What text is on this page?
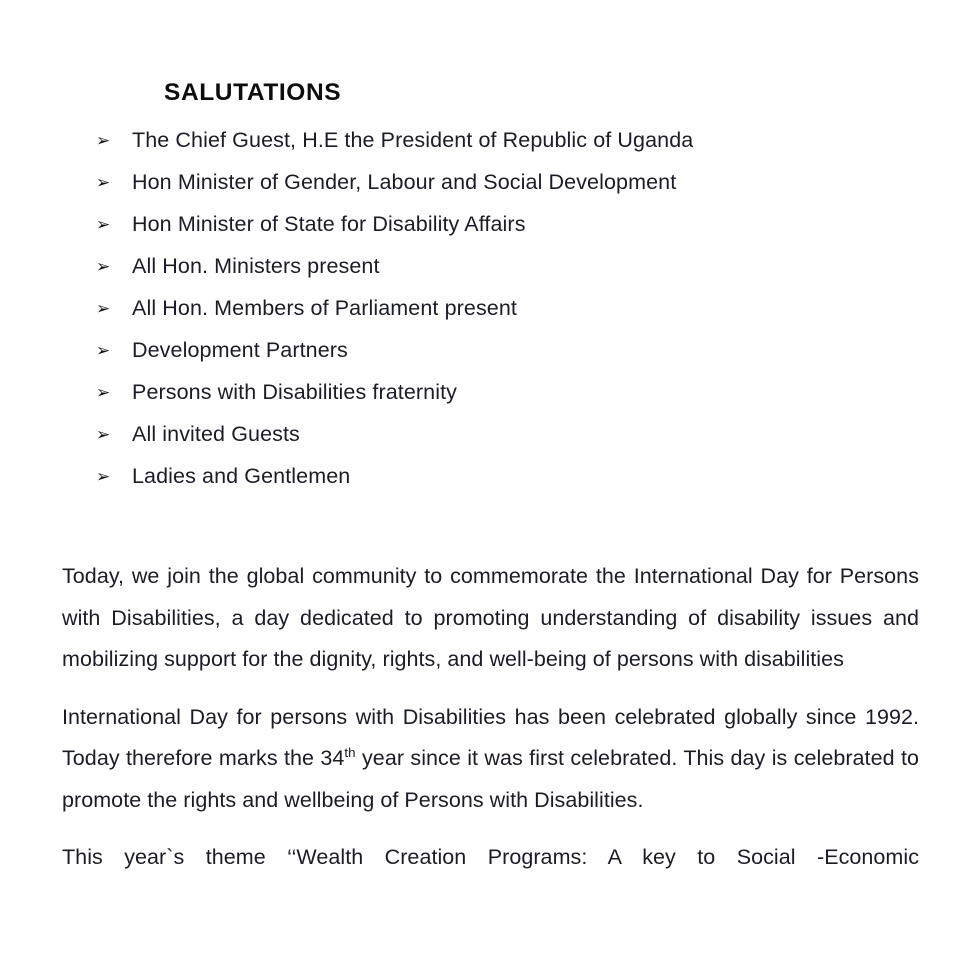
SALUTATIONS
➢	The Chief Guest, H.E the President of Republic of Uganda
➢	Hon Minister of Gender, Labour and Social Development
➢	Hon Minister of State for Disability Affairs
➢	All Hon. Ministers present
➢	All Hon. Members of Parliament present
➢	Development Partners
➢	Persons with Disabilities fraternity
➢	All invited Guests
➢	Ladies and Gentlemen

Today, we join the global community to commemorate the International Day for Persons with Disabilities, a day dedicated to promoting understanding of disability issues and mobilizing support for the dignity, rights, and well-being of persons with disabilities

International Day for persons with Disabilities has been celebrated globally since 1992. Today therefore marks the 34th year since it was first celebrated. This day is celebrated to promote the rights and wellbeing of Persons with Disabilities.

This year`s theme ‘‘Wealth Creation Programs: A key to Social -Economic
